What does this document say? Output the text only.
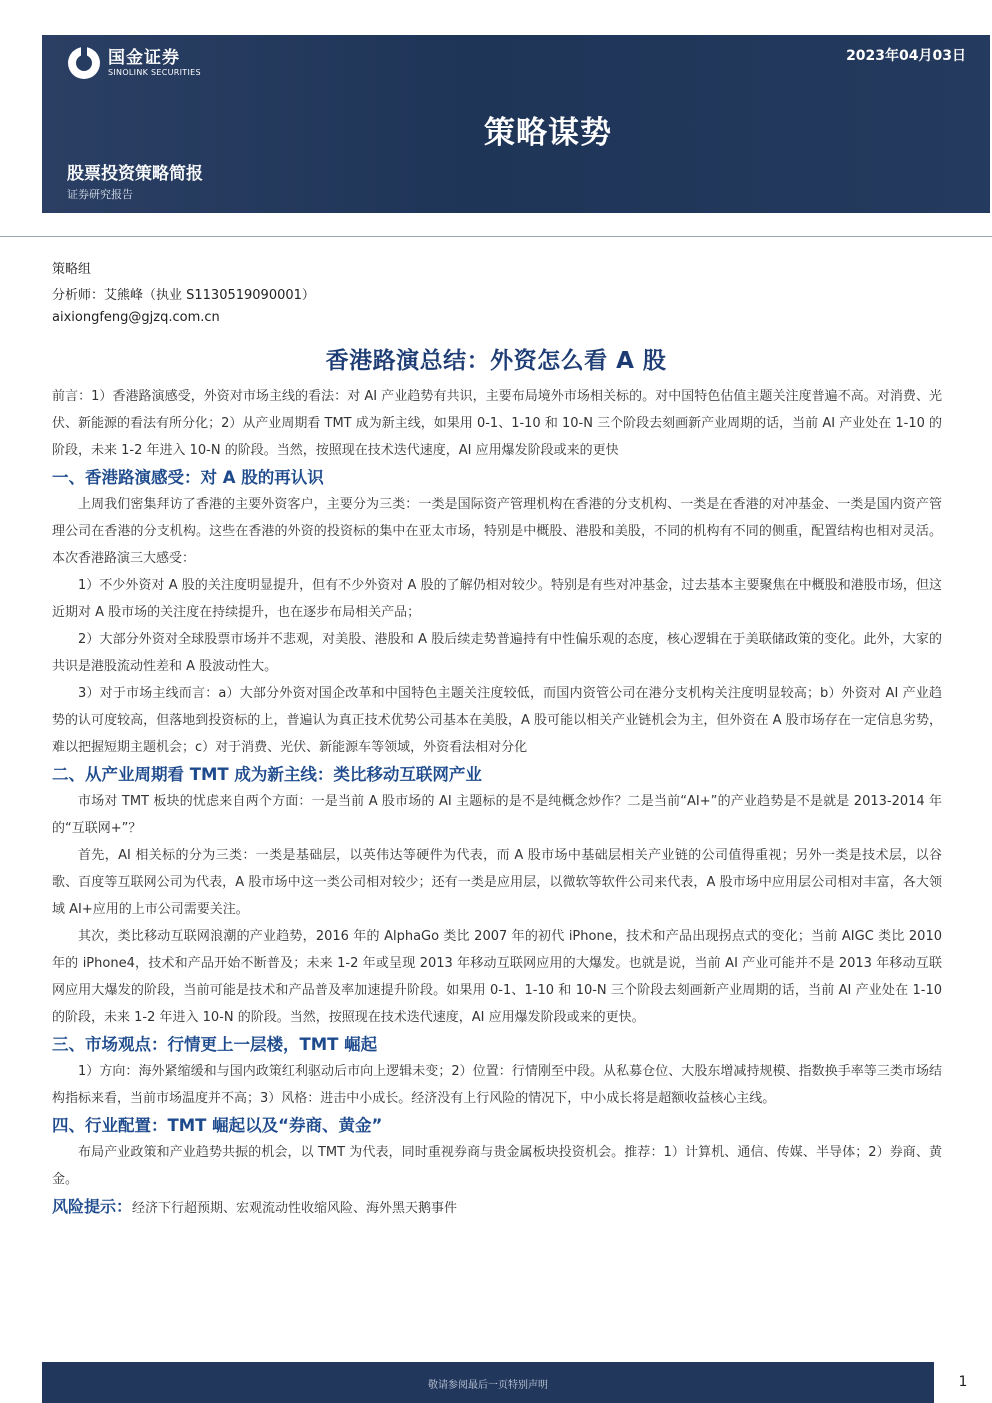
国金证券
SINOLINK SECURITIES
2023年04月03日
策略谋势
股票投资策略简报
证券研究报告
策略组
分析师：艾熊峰（执业 S1130519090001）
aixiongfeng@gjzq.com.cn
香港路演总结：外资怎么看 A 股

前言：1）香港路演感受，外资对市场主线的看法：对 AI 产业趋势有共识，主要布局境外市场相关标的。对中国特色估值主题关注度普遍不高。对消费、光伏、新能源的看法有所分化；2）从产业周期看 TMT 成为新主线，如果用 0-1、1-10 和 10-N 三个阶段去刻画新产业周期的话，当前 AI 产业处在 1-10 的阶段，未来 1-2 年进入 10-N 的阶段。当然，按照现在技术迭代速度，AI 应用爆发阶段或来的更快

一、香港路演感受：对 A 股的再认识

上周我们密集拜访了香港的主要外资客户，主要分为三类：一类是国际资产管理机构在香港的分支机构、一类是在香港的对冲基金、一类是国内资产管理公司在香港的分支机构。这些在香港的外资的投资标的集中在亚太市场，特别是中概股、港股和美股，不同的机构有不同的侧重，配置结构也相对灵活。本次香港路演三大感受：

1）不少外资对 A 股的关注度明显提升，但有不少外资对 A 股的了解仍相对较少。特别是有些对冲基金，过去基本主要聚焦在中概股和港股市场，但这近期对 A 股市场的关注度在持续提升，也在逐步布局相关产品；

2）大部分外资对全球股票市场并不悲观，对美股、港股和 A 股后续走势普遍持有中性偏乐观的态度，核心逻辑在于美联储政策的变化。此外，大家的共识是港股流动性差和 A 股波动性大。

3）对于市场主线而言：a）大部分外资对国企改革和中国特色主题关注度较低，而国内资管公司在港分支机构关注度明显较高；b）外资对 AI 产业趋势的认可度较高，但落地到投资标的上，普遍认为真正技术优势公司基本在美股，A 股可能以相关产业链机会为主，但外资在 A 股市场存在一定信息劣势，难以把握短期主题机会；c）对于消费、光伏、新能源车等领域，外资看法相对分化

二、从产业周期看 TMT 成为新主线：类比移动互联网产业

市场对 TMT 板块的忧虑来自两个方面：一是当前 A 股市场的 AI 主题标的是不是纯概念炒作？二是当前“AI+”的产业趋势是不是就是 2013-2014 年的“互联网+”？

首先，AI 相关标的分为三类：一类是基础层，以英伟达等硬件为代表，而 A 股市场中基础层相关产业链的公司值得重视；另外一类是技术层，以谷歌、百度等互联网公司为代表，A 股市场中这一类公司相对较少；还有一类是应用层，以微软等软件公司来代表，A 股市场中应用层公司相对丰富，各大领域 AI+应用的上市公司需要关注。

其次，类比移动互联网浪潮的产业趋势，2016 年的 AlphaGo 类比 2007 年的初代 iPhone，技术和产品出现拐点式的变化；当前 AIGC 类比 2010 年的 iPhone4，技术和产品开始不断普及；未来 1-2 年或呈现 2013 年移动互联网应用的大爆发。也就是说，当前 AI 产业可能并不是 2013 年移动互联网应用大爆发的阶段，当前可能是技术和产品普及率加速提升阶段。如果用 0-1、1-10 和 10-N 三个阶段去刻画新产业周期的话，当前 AI 产业处在 1-10 的阶段，未来 1-2 年进入 10-N 的阶段。当然，按照现在技术迭代速度，AI 应用爆发阶段或来的更快。

三、市场观点：行情更上一层楼，TMT 崛起

1）方向：海外紧缩缓和与国内政策红利驱动后市向上逻辑未变；2）位置：行情刚至中段。从私募仓位、大股东增减持规模、指数换手率等三类市场结构指标来看，当前市场温度并不高；3）风格：进击中小成长。经济没有上行风险的情况下，中小成长将是超额收益核心主线。

四、行业配置：TMT 崛起以及“券商、黄金”

布局产业政策和产业趋势共振的机会，以 TMT 为代表，同时重视券商与贵金属板块投资机会。推荐：1）计算机、通信、传媒、半导体；2）券商、黄金。

风险提示：经济下行超预期、宏观流动性收缩风险、海外黑天鹅事件

敬请参阅最后一页特别声明	1
